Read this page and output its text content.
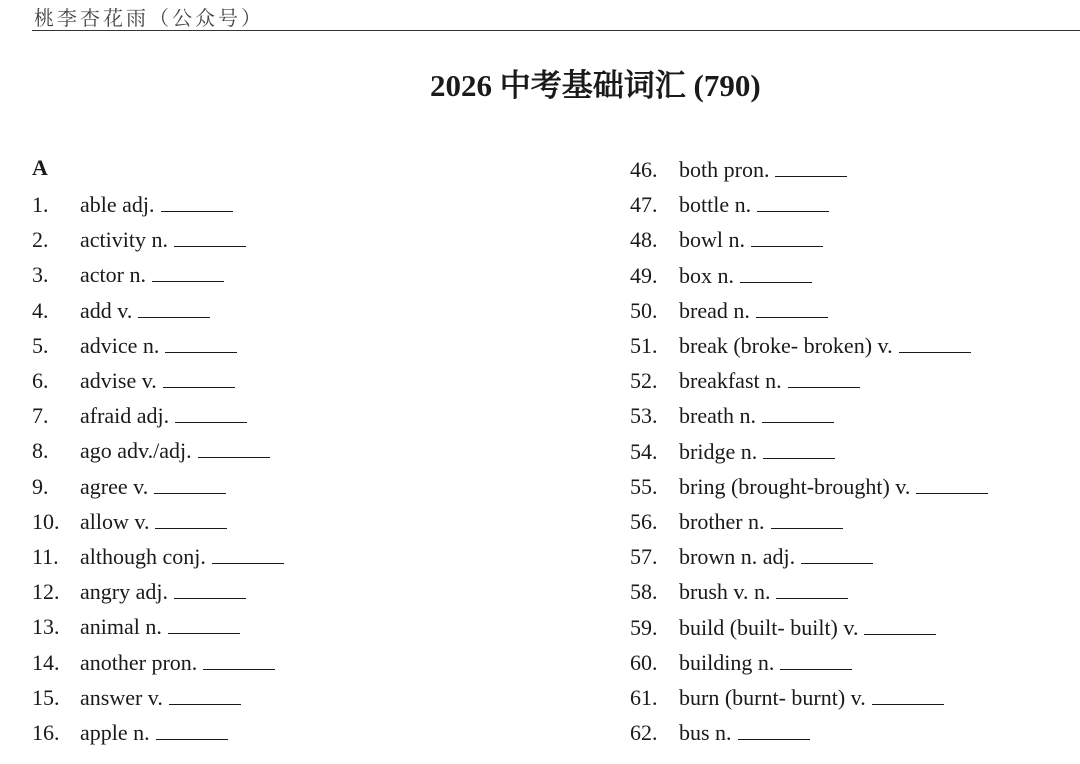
桃李杏花雨（公众号）
2026 中考基础词汇 (790)
A
1. able adj.
2. activity n.
3. actor n.
4. add v.
5. advice n.
6. advise v.
7. afraid adj.
8. ago adv./adj.
9. agree v.
10. allow v.
11. although conj.
12. angry adj.
13. animal n.
14. another pron.
15. answer v.
16. apple n.
46. both pron.
47. bottle n.
48. bowl n.
49. box n.
50. bread n.
51. break (broke- broken) v.
52. breakfast n.
53. breath n.
54. bridge n.
55. bring (brought-brought) v.
56. brother n.
57. brown n. adj.
58. brush v. n.
59. build (built- built) v.
60. building n.
61. burn (burnt- burnt) v.
62. bus n.
